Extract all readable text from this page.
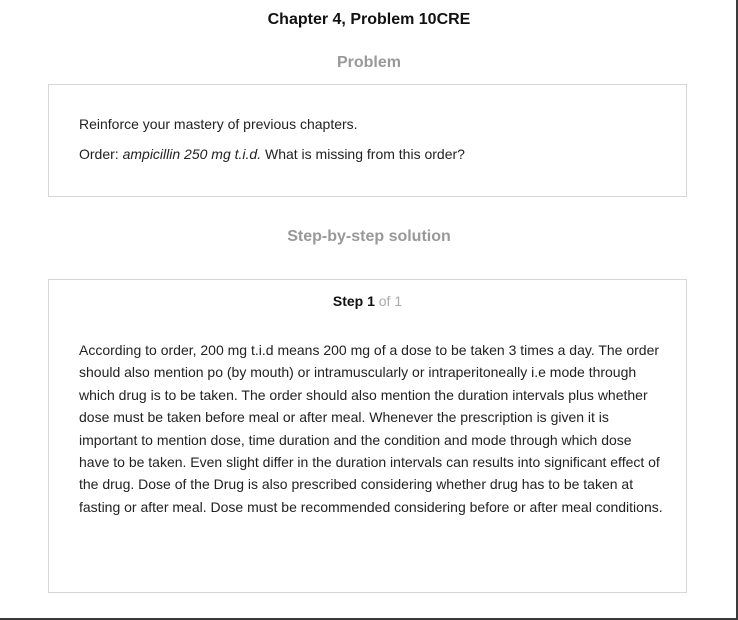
Chapter 4, Problem 10CRE
Problem
Reinforce your mastery of previous chapters.
Order: ampicillin 250 mg t.i.d. What is missing from this order?
Step-by-step solution
Step 1 of 1

According to order, 200 mg t.i.d means 200 mg of a dose to be taken 3 times a day. The order should also mention po (by mouth) or intramuscularly or intraperitoneally i.e mode through which drug is to be taken. The order should also mention the duration intervals plus whether dose must be taken before meal or after meal. Whenever the prescription is given it is important to mention dose, time duration and the condition and mode through which dose have to be taken. Even slight differ in the duration intervals can results into significant effect of the drug. Dose of the Drug is also prescribed considering whether drug has to be taken at fasting or after meal. Dose must be recommended considering before or after meal conditions.
